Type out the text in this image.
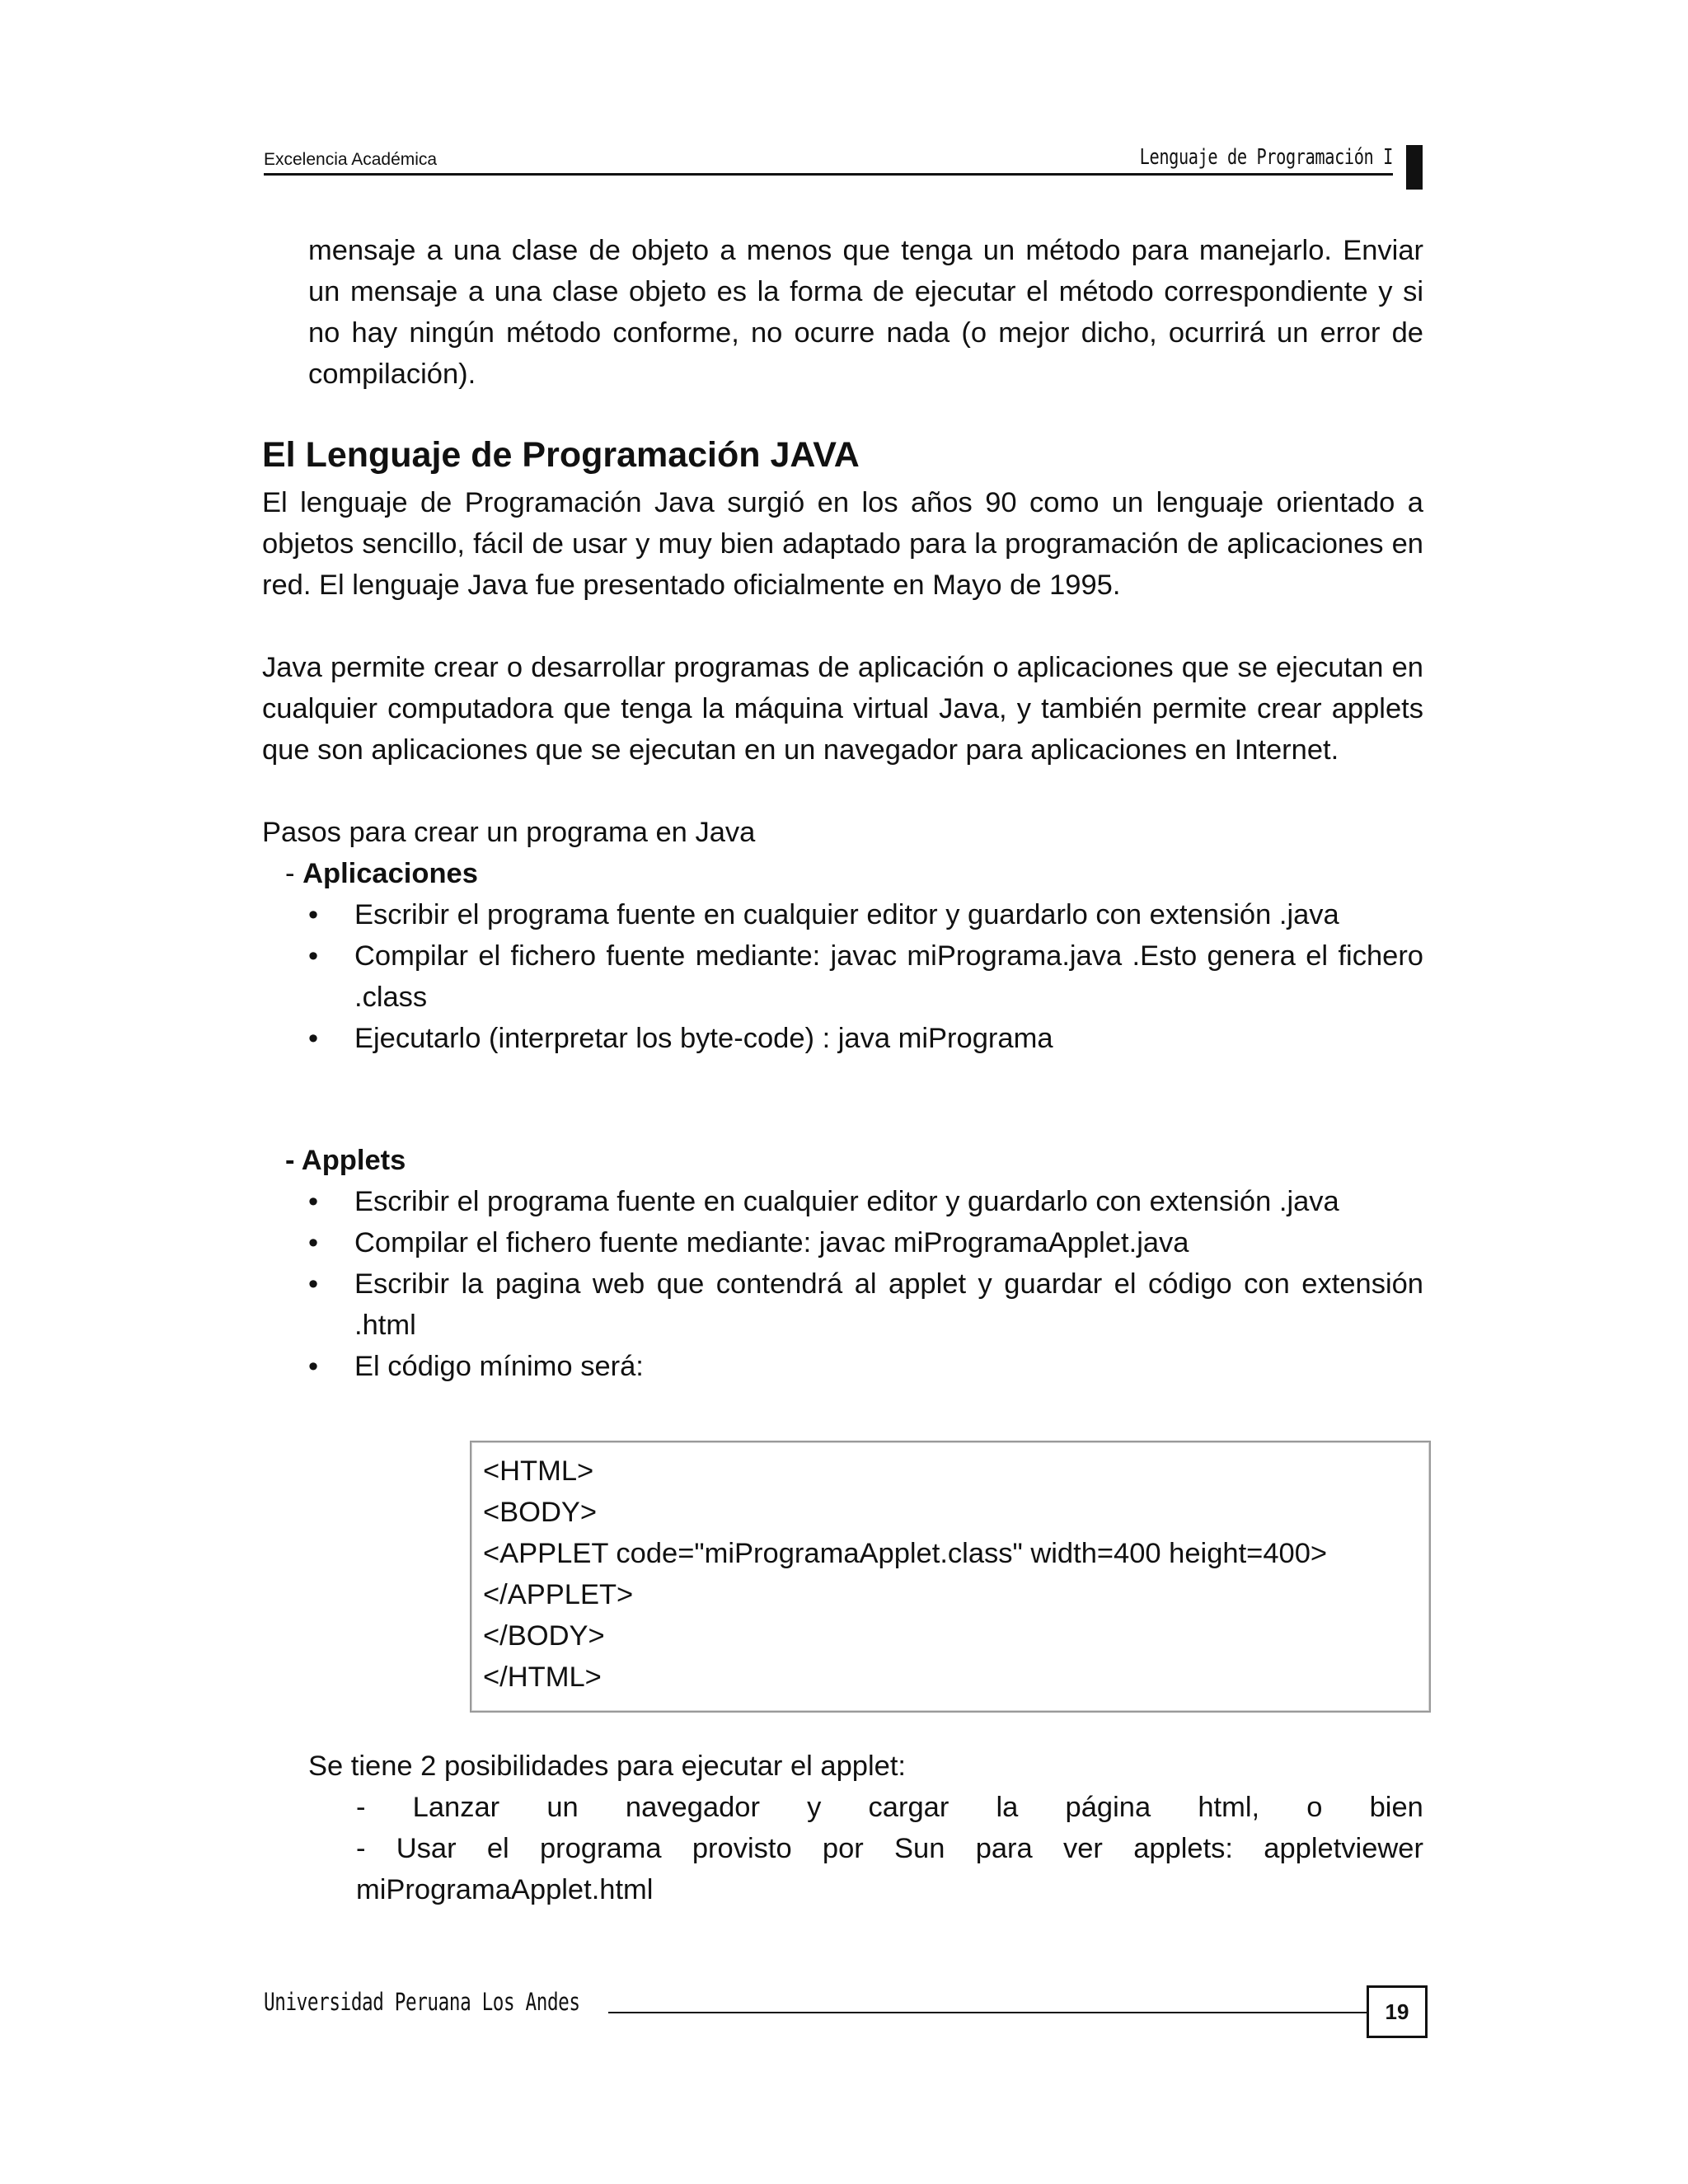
Excelencia Académica	Lenguaje de Programación I
mensaje a una clase de objeto a menos que tenga un método para manejarlo. Enviar
un mensaje a una clase objeto es la forma de ejecutar el método correspondiente y si
no hay ningún método conforme, no ocurre nada (o mejor dicho, ocurrirá un error de
compilación).
El Lenguaje de Programación JAVA
El lenguaje de Programación Java surgió en los años 90 como un lenguaje orientado a
objetos sencillo, fácil de usar y muy bien adaptado para la programación de aplicaciones en
red. El lenguaje Java fue presentado oficialmente en Mayo de 1995.
Java permite crear o desarrollar programas de aplicación o aplicaciones que se ejecutan en
cualquier computadora que tenga la máquina virtual Java, y también permite crear applets
que son aplicaciones que se ejecutan en un navegador para aplicaciones en Internet.
Pasos para crear un programa en Java
- Aplicaciones
•	Escribir el programa fuente en cualquier editor y guardarlo con extensión .java
•	Compilar el fichero fuente mediante: javac miPrograma.java .Esto genera el fichero .class
•	Ejecutarlo (interpretar los byte-code) : java miPrograma
- Applets
•	Escribir el programa fuente en cualquier editor y guardarlo con extensión .java
•	Compilar el fichero fuente mediante: javac miProgramaApplet.java
•	Escribir la pagina web que contendrá al applet y guardar el código con extensión .html
•	El código mínimo será:
<HTML>
<BODY>
<APPLET code="miProgramaApplet.class" width=400 height=400>
</APPLET>
</BODY>
</HTML>
Se tiene 2 posibilidades para ejecutar el applet:
- Lanzar un navegador y cargar la página html, o bien
- Usar el programa provisto por Sun para ver applets: appletviewer
miProgramaApplet.html
Universidad Peruana Los Andes	19
